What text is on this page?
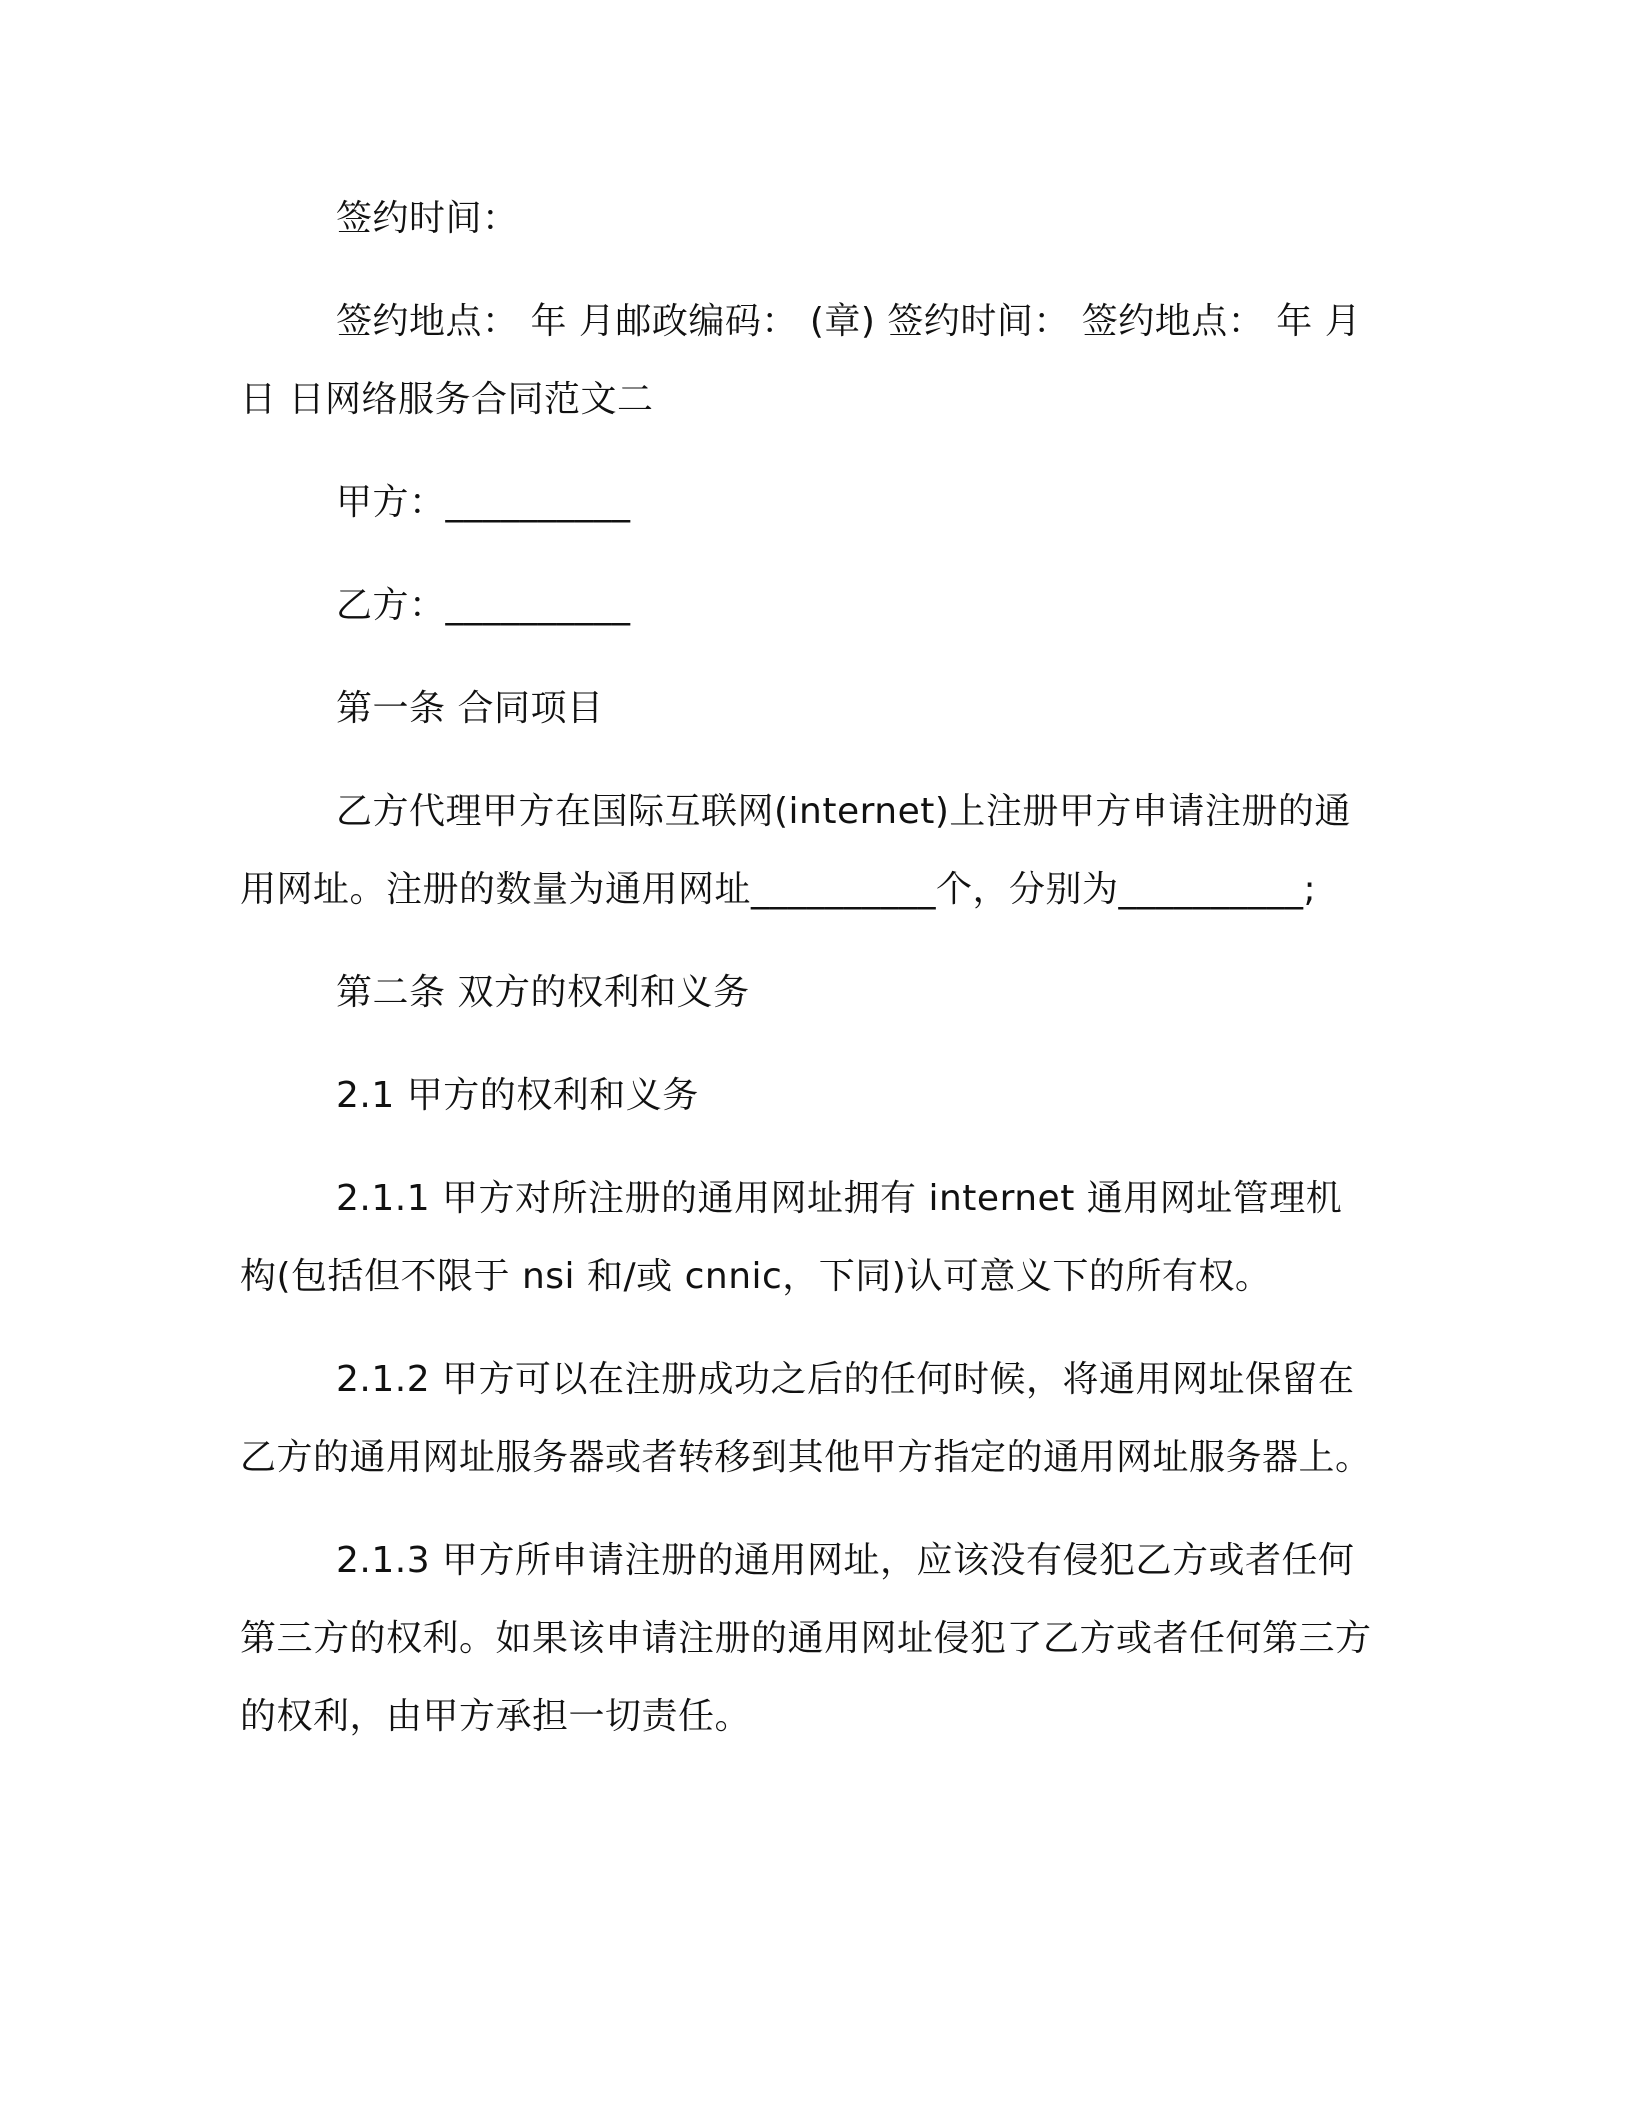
签约时间：

签约地点： 年 月邮政编码： (章) 签约时间： 签约地点： 年 月日 日网络服务合同范文二

甲方：__________

乙方：__________

第一条 合同项目

乙方代理甲方在国际互联网(internet)上注册甲方申请注册的通用网址。注册的数量为通用网址__________个，分别为__________;

第二条 双方的权利和义务

2.1 甲方的权利和义务

2.1.1 甲方对所注册的通用网址拥有 internet 通用网址管理机构(包括但不限于 nsi 和/或 cnnic，下同)认可意义下的所有权。

2.1.2 甲方可以在注册成功之后的任何时候，将通用网址保留在乙方的通用网址服务器或者转移到其他甲方指定的通用网址服务器上。

2.1.3 甲方所申请注册的通用网址，应该没有侵犯乙方或者任何第三方的权利。如果该申请注册的通用网址侵犯了乙方或者任何第三方的权利，由甲方承担一切责任。
